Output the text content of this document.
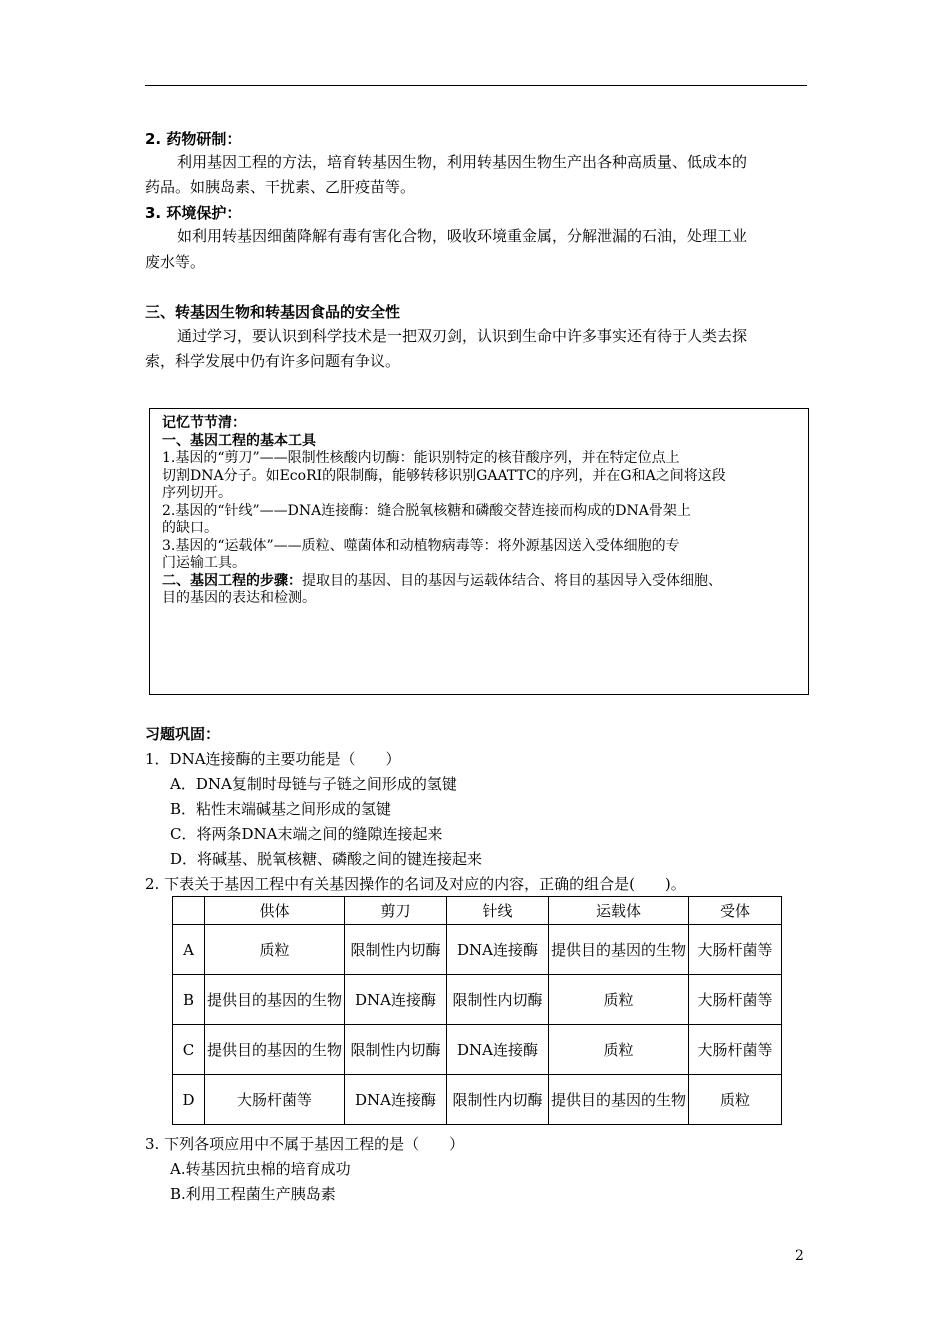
2. 药物研制：
利用基因工程的方法，培育转基因生物，利用转基因生物生产出各种高质量、低成本的
药品。如胰岛素、干扰素、乙肝疫苗等。
3. 环境保护：
如利用转基因细菌降解有毒有害化合物，吸收环境重金属，分解泄漏的石油，处理工业
废水等。
三、转基因生物和转基因食品的安全性
通过学习，要认识到科学技术是一把双刃剑，认识到生命中许多事实还有待于人类去探
索，科学发展中仍有许多问题有争议。
记忆节节清：
一、基因工程的基本工具
1.基因的“剪刀”——限制性核酸内切酶：能识别特定的核苷酸序列，并在特定位点上
切割DNA分子。如EcoRI的限制酶，能够转移识别GAATTC的序列，并在G和A之间将这段
序列切开。
2.基因的“针线”——DNA连接酶：缝合脱氧核糖和磷酸交替连接而构成的DNA骨架上
的缺口。
3.基因的“运载体”——质粒、噬菌体和动植物病毒等：将外源基因送入受体细胞的专
门运输工具。
二、基因工程的步骤：提取目的基因、目的基因与运载体结合、将目的基因导入受体细胞、
目的基因的表达和检测。
习题巩固：
1．DNA连接酶的主要功能是（　　）
A．DNA复制时母链与子链之间形成的氢键
B．粘性末端碱基之间形成的氢键
C．将两条DNA末端之间的缝隙连接起来
D．将碱基、脱氧核糖、磷酸之间的键连接起来
2. 下表关于基因工程中有关基因操作的名词及对应的内容，正确的组合是(　　)。
	供体	剪刀	针线	运载体	受体
A	质粒	限制性内切酶	DNA连接酶	提供目的基因的生物	大肠杆菌等
B	提供目的基因的生物	DNA连接酶	限制性内切酶	质粒	大肠杆菌等
C	提供目的基因的生物	限制性内切酶	DNA连接酶	质粒	大肠杆菌等
D	大肠杆菌等	DNA连接酶	限制性内切酶	提供目的基因的生物	质粒
3. 下列各项应用中不属于基因工程的是（　　）
A.转基因抗虫棉的培育成功
B.利用工程菌生产胰岛素
2
